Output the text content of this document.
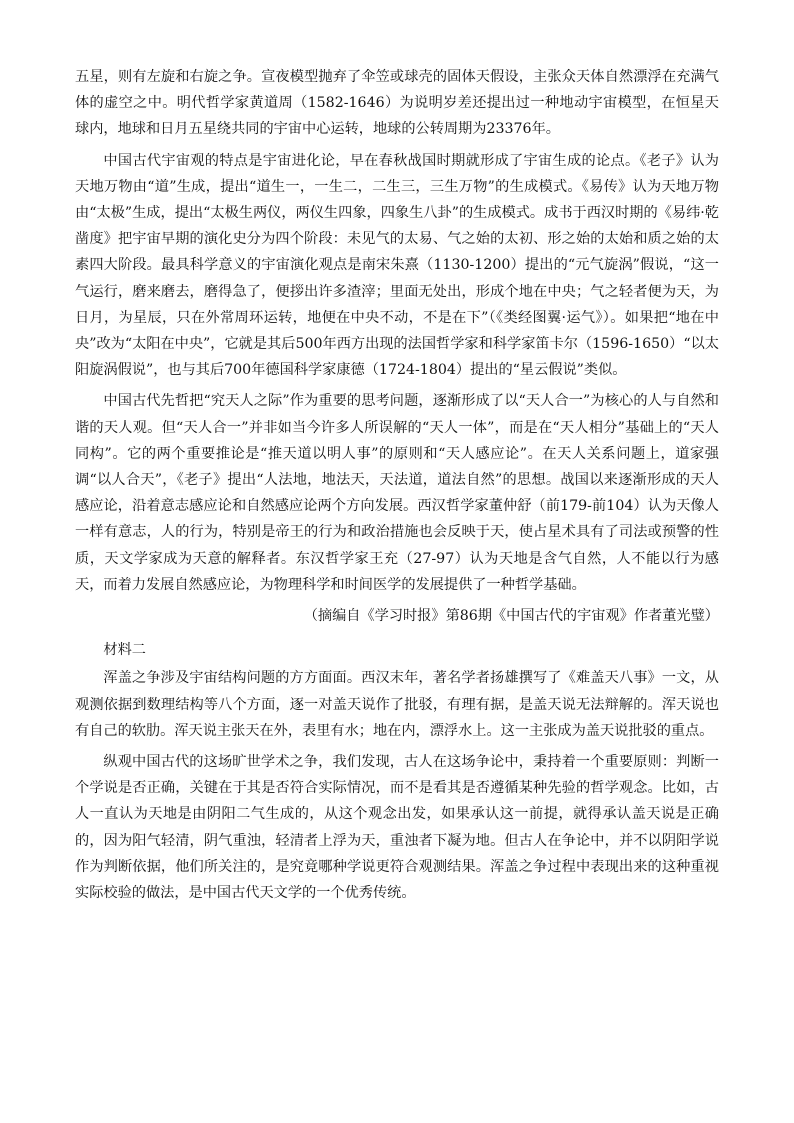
五星，则有左旋和右旋之争。宣夜模型抛弃了伞笠或球壳的固体天假设，主张众天体自然漂浮在充满气体的虚空之中。明代哲学家黄道周（1582-1646）为说明岁差还提出过一种地动宇宙模型，在恒星天球内，地球和日月五星绕共同的宇宙中心运转，地球的公转周期为23376年。

中国古代宇宙观的特点是宇宙进化论，早在春秋战国时期就形成了宇宙生成的论点。《老子》认为天地万物由“道”生成，提出“道生一，一生二，二生三，三生万物”的生成模式。《易传》认为天地万物由“太极”生成，提出“太极生两仪，两仪生四象，四象生八卦”的生成模式。成书于西汉时期的《易纬·乾凿度》把宇宙早期的演化史分为四个阶段：未见气的太易、气之始的太初、形之始的太始和质之始的太素四大阶段。最具科学意义的宇宙演化观点是南宋朱熹（1130-1200）提出的“元气旋涡”假说，“这一气运行，磨来磨去，磨得急了，便拶出许多渣滓；里面无处出，形成个地在中央；气之轻者便为天，为日月，为星辰，只在外常周环运转，地便在中央不动，不是在下”（《类经图翼·运气》）。如果把“地在中央”改为“太阳在中央”，它就是其后500年西方出现的法国哲学家和科学家笛卡尔（1596-1650）“以太阳旋涡假说”，也与其后700年德国科学家康德（1724-1804）提出的“星云假说”类似。

中国古代先哲把“究天人之际”作为重要的思考问题，逐渐形成了以“天人合一”为核心的人与自然和谐的天人观。但“天人合一”并非如当今许多人所误解的“天人一体”，而是在“天人相分”基础上的“天人同构”。它的两个重要推论是“推天道以明人事”的原则和“天人感应论”。在天人关系问题上，道家强调“以人合天”，《老子》提出“人法地，地法天，天法道，道法自然”的思想。战国以来逐渐形成的天人感应论，沿着意志感应论和自然感应论两个方向发展。西汉哲学家董仲舒（前179-前104）认为天像人一样有意志，人的行为，特别是帝王的行为和政治措施也会反映于天，使占星术具有了司法或预警的性质，天文学家成为天意的解释者。东汉哲学家王充（27-97）认为天地是含气自然，人不能以行为感天，而着力发展自然感应论，为物理科学和时间医学的发展提供了一种哲学基础。

（摘编自《学习时报》第86期《中国古代的宇宙观》作者董光璧）

材料二

浑盖之争涉及宇宙结构问题的方方面面。西汉末年，著名学者扬雄撰写了《难盖天八事》一文，从观测依据到数理结构等八个方面，逐一对盖天说作了批驳，有理有据，是盖天说无法辩解的。浑天说也有自己的软肋。浑天说主张天在外，表里有水；地在内，漂浮水上。这一主张成为盖天说批驳的重点。

纵观中国古代的这场旷世学术之争，我们发现，古人在这场争论中，秉持着一个重要原则：判断一个学说是否正确，关键在于其是否符合实际情况，而不是看其是否遵循某种先验的哲学观念。比如，古人一直认为天地是由阴阳二气生成的，从这个观念出发，如果承认这一前提，就得承认盖天说是正确的，因为阳气轻清，阴气重浊，轻清者上浮为天，重浊者下凝为地。但古人在争论中，并不以阴阳学说作为判断依据，他们所关注的，是究竟哪种学说更符合观测结果。浑盖之争过程中表现出来的这种重视实际校验的做法，是中国古代天文学的一个优秀传统。
